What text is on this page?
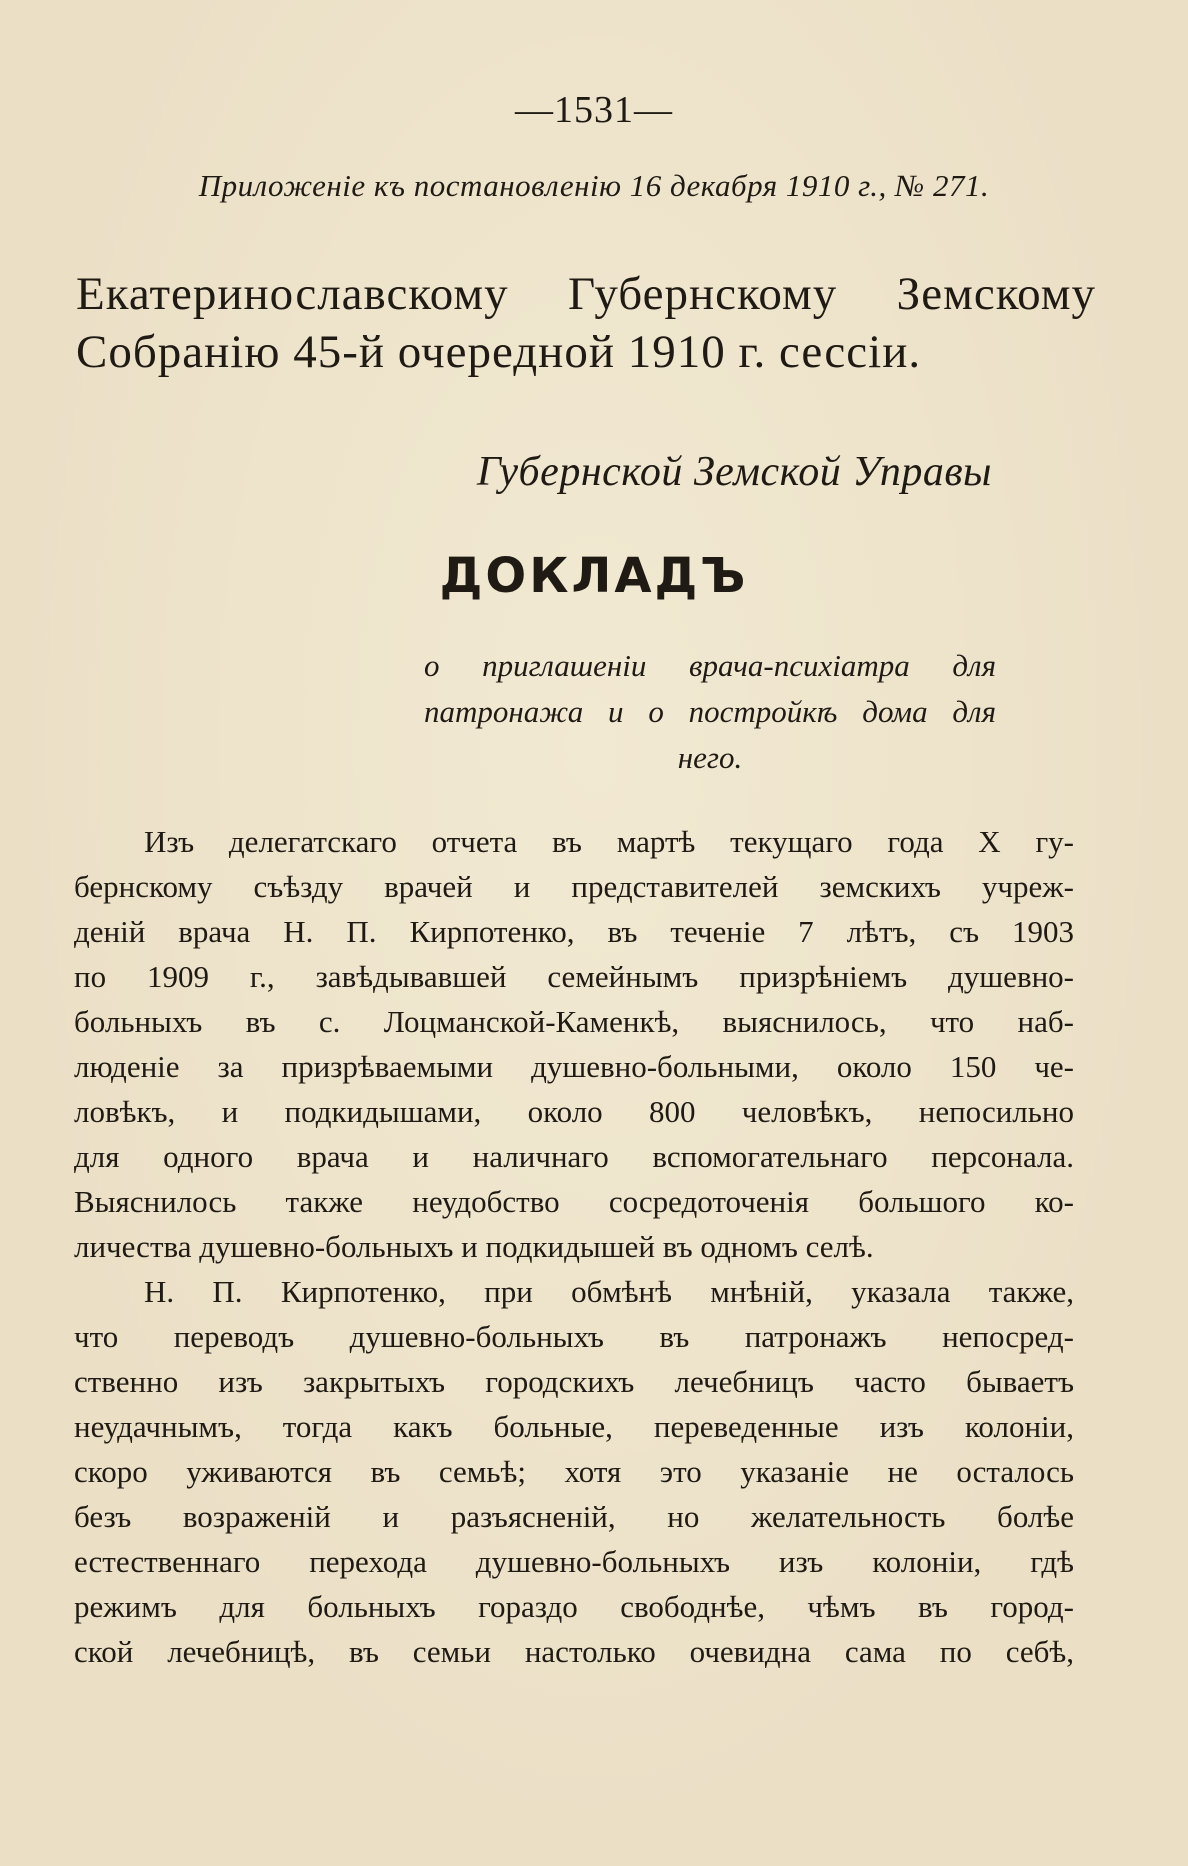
—1531—
Приложеніе къ постановленію 16 декабря 1910 г., № 271.
Екатеринославскому Губернскому Земскому
Собранію 45-й очередной 1910 г. сессіи.
Губернской Земской Управы
ДОКЛАДЪ
о приглашеніи врача-психіатра для
патронажа и о постройкѣ дома для
него.
Изъ делегатскаго отчета въ мартѣ текущаго года X гу-
бернскому съѣзду врачей и представителей земскихъ учреж-
деній врача Н. П. Кирпотенко, въ теченіе 7 лѣтъ, съ 1903
по 1909 г., завѣдывавшей семейнымъ призрѣніемъ душевно-
больныхъ въ с. Лоцманской-Каменкѣ, выяснилось, что наб-
люденіе за призрѣваемыми душевно-больными, около 150 че-
ловѣкъ, и подкидышами, около 800 человѣкъ, непосильно
для одного врача и наличнаго вспомогательнаго персонала.
Выяснилось также неудобство сосредоточенія большого ко-
личества душевно-больныхъ и подкидышей въ одномъ селѣ.
Н. П. Кирпотенко, при обмѣнѣ мнѣній, указала также,
что переводъ душевно-больныхъ въ патронажъ непосред-
ственно изъ закрытыхъ городскихъ лечебницъ часто бываетъ
неудачнымъ, тогда какъ больные, переведенные изъ колоніи,
скоро уживаются въ семьѣ; хотя это указаніе не осталось
безъ возраженій и разъясненій, но желательность болѣе
естественнаго перехода душевно-больныхъ изъ колоніи, гдѣ
режимъ для больныхъ гораздо свободнѣе, чѣмъ въ город-
ской лечебницѣ, въ семьи настолько очевидна сама по себѣ,
